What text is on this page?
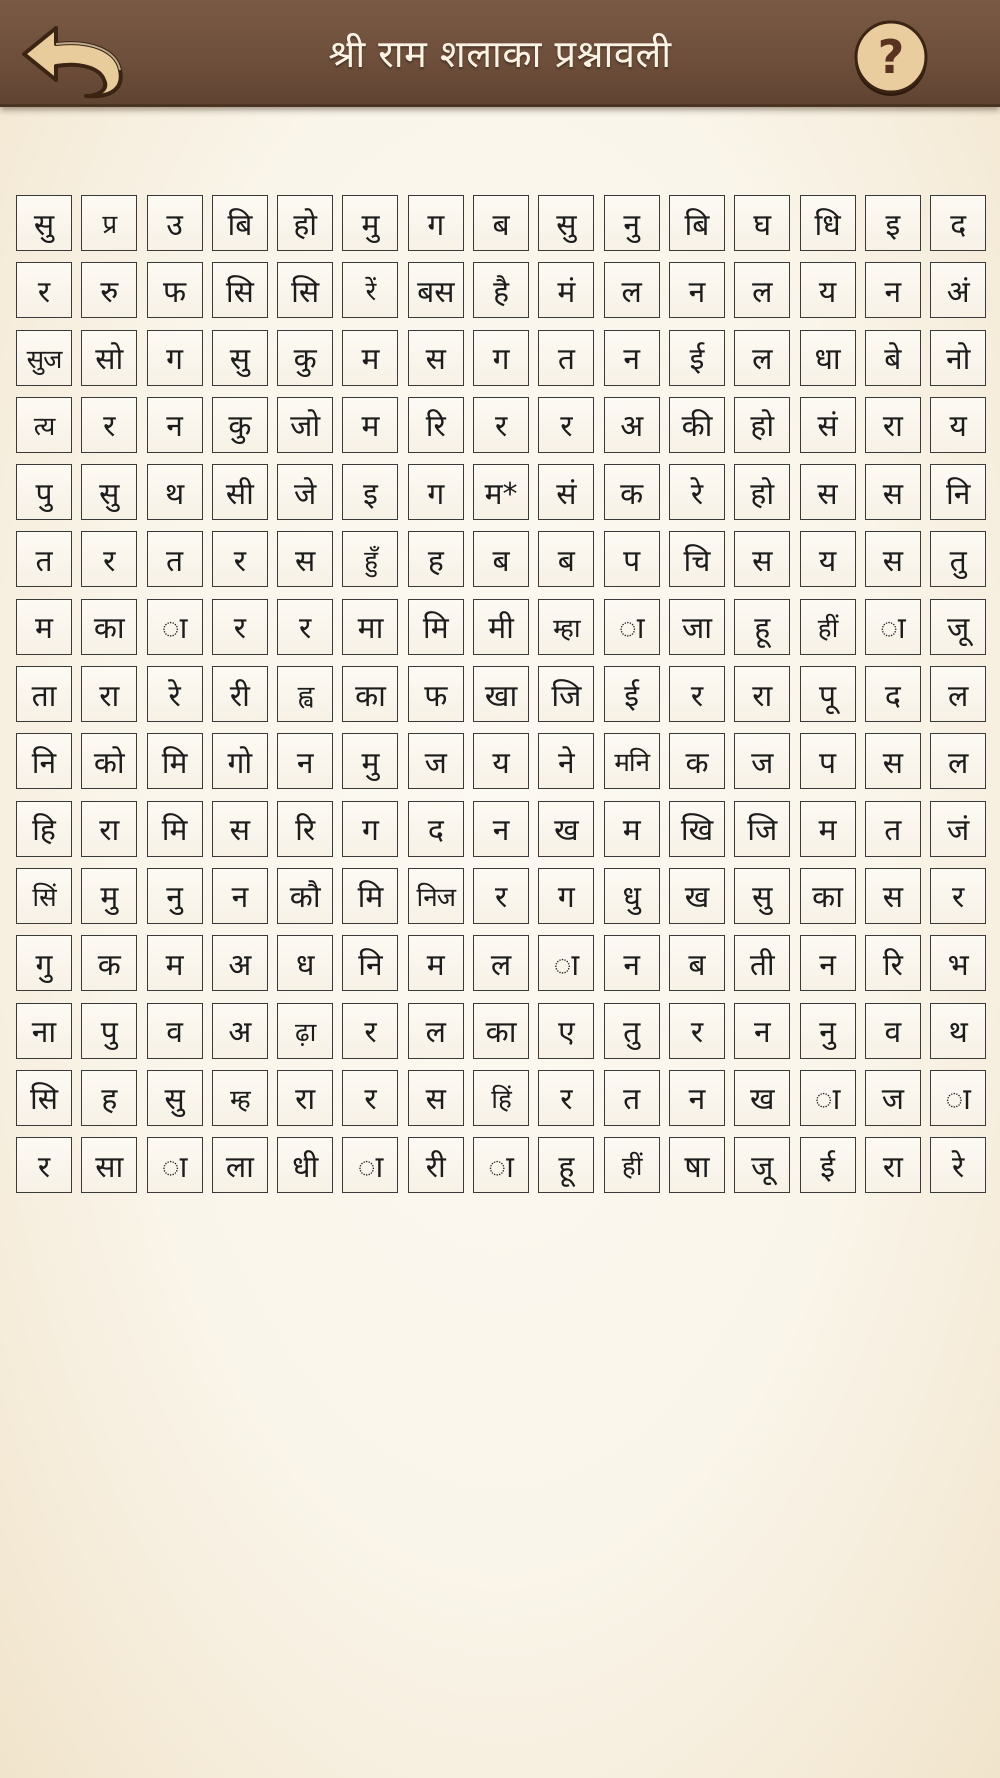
श्री राम शलाका प्रश्नावली	?
सु	प्र	उ	बि	हो	मु	ग	ब	सु	नु	बि	घ	धि	इ	द
र	रु	फ	सि	सि	रें	बस	है	मं	ल	न	ल	य	न	अं
सुज	सो	ग	सु	कु	म	स	ग	त	न	ई	ल	धा	बे	नो
त्य	र	न	कु	जो	म	रि	र	र	अ	की	हो	सं	रा	य
पु	सु	थ	सी	जे	इ	ग	म*	सं	क	रे	हो	स	स	नि
त	र	त	र	स	हुँ	ह	ब	ब	प	चि	स	य	स	तु
म	का	ा	र	र	मा	मि	मी	म्हा	ा	जा	हू	हीं	ा	जू
ता	रा	रे	री	ह्व	का	फ	खा	जि	ई	र	रा	पू	द	ल
नि	को	मि	गो	न	मु	ज	य	ने	मनि	क	ज	प	स	ल
हि	रा	मि	स	रि	ग	द	न	ख	म	खि	जि	म	त	जं
सिं	मु	नु	न	कौ	मि	निज	र	ग	धु	ख	सु	का	स	र
गु	क	म	अ	ध	नि	म	ल	ा	न	ब	ती	न	रि	भ
ना	पु	व	अ	ढ़ा	र	ल	का	ए	तु	र	न	नु	व	थ
सि	ह	सु	म्ह	रा	र	स	हिं	र	त	न	ख	ा	ज	ा
र	सा	ा	ला	धी	ा	री	ा	हू	हीं	षा	जू	ई	रा	रे
